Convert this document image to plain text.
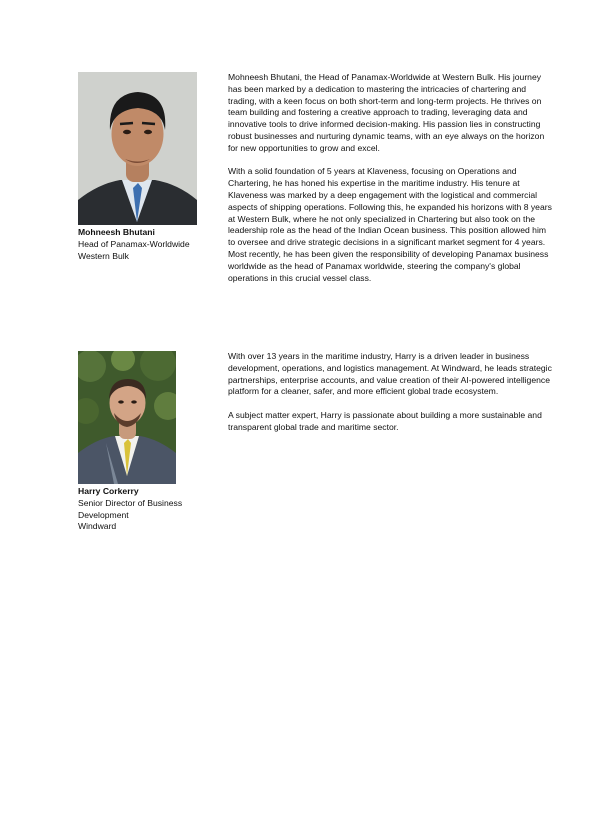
Mohneesh Bhutani
Head of Panamax-Worldwide
Western Bulk

Mohneesh Bhutani, the Head of Panamax-Worldwide at Western Bulk. His journey has been marked by a dedication to mastering the intricacies of chartering and trading, with a keen focus on both short-term and long-term projects. He thrives on team building and fostering a creative approach to trading, leveraging data and innovative tools to drive informed decision-making. His passion lies in constructing robust businesses and nurturing dynamic teams, with an eye always on the horizon for new opportunities to grow and excel.

With a solid foundation of 5 years at Klaveness, focusing on Operations and Chartering, he has honed his expertise in the maritime industry. His tenure at Klaveness was marked by a deep engagement with the logistical and commercial aspects of shipping operations. Following this, he expanded his horizons with 8 years at Western Bulk, where he not only specialized in Chartering but also took on the leadership role as the head of the Indian Ocean business. This position allowed him to oversee and drive strategic decisions in a significant market segment for 4 years. Most recently, he has been given the responsibility of developing Panamax business worldwide as the head of Panamax worldwide, steering the company's global operations in this crucial vessel class.

Harry Corkerry
Senior Director of Business
Development
Windward

With over 13 years in the maritime industry, Harry is a driven leader in business development, operations, and logistics management. At Windward, he leads strategic partnerships, enterprise accounts, and value creation of their AI-powered intelligence platform for a cleaner, safer, and more efficient global trade ecosystem.

A subject matter expert, Harry is passionate about building a more sustainable and transparent global trade and maritime sector.
